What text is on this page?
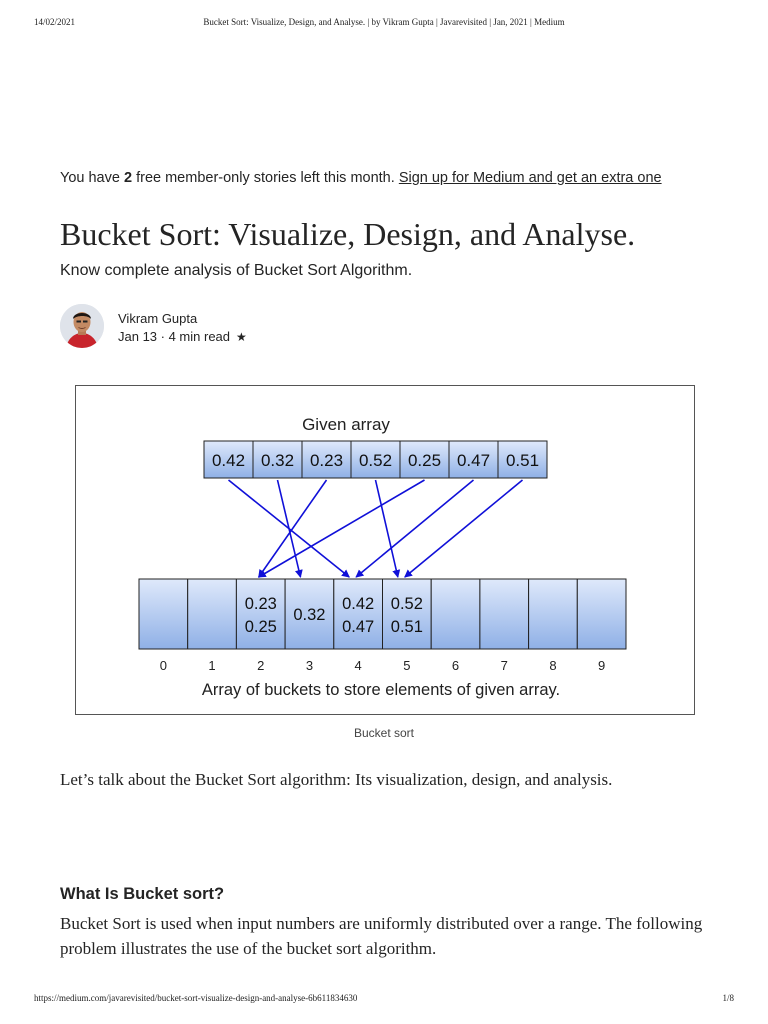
14/02/2021	Bucket Sort: Visualize, Design, and Analyse. | by Vikram Gupta | Javarevisited | Jan, 2021 | Medium
You have 2 free member-only stories left this month. Sign up for Medium and get an extra one
Bucket Sort: Visualize, Design, and Analyse.
Know complete analysis of Bucket Sort Algorithm.
Vikram Gupta
Jan 13 · 4 min read ★
Given array
0.42 0.32 0.23 0.52 0.25 0.47 0.51
0.23
0.25
0.32
0.42
0.47
0.52
0.51
0	1	2	3	4	5	6	7	8	9
Array of buckets to store elements of given array.
Bucket sort

Let’s talk about the Bucket Sort algorithm: Its visualization, design, and analysis.

What Is Bucket sort?

Bucket Sort is used when input numbers are uniformly distributed over a range. The following problem illustrates the use of the bucket sort algorithm.

https://medium.com/javarevisited/bucket-sort-visualize-design-and-analyse-6b611834630	1/8
